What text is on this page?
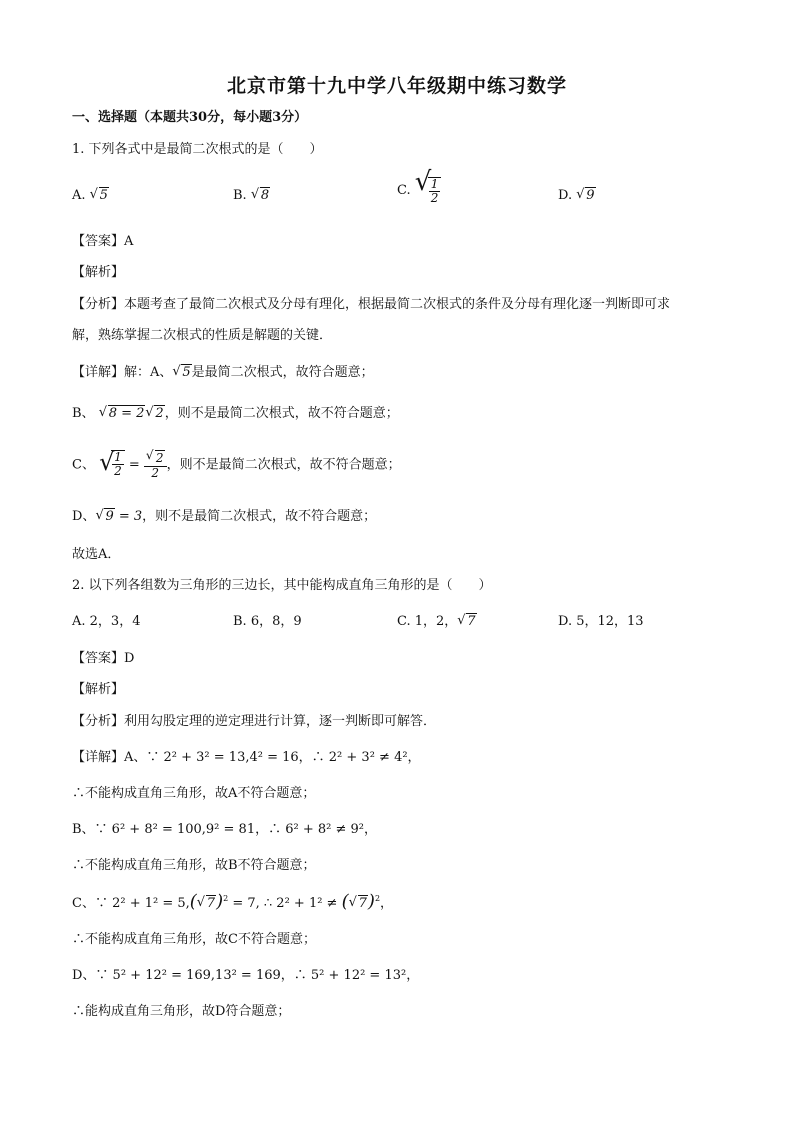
北京市第十九中学八年级期中练习数学
一、选择题（本题共30分，每小题3分）
1. 下列各式中是最简二次根式的是（　　）
A. √ 5	B. √ 8	C. √
$\frac{1}{2}$	D. √ 9
【答案】A
【解析】
【分析】本题考查了最简二次根式及分母有理化，根据最简二次根式的条件及分母有理化逐一判断即可求
解，熟练掌握二次根式的性质是解题的关键．
【详解】解：A、 √ 5是最简二次根式，故符合题意；
B、 √ 8 = 2 √ 2，则不是最简二次根式，故不符合题意；
C、 √
$\frac{1}{2} = \frac{√ 2}{2}$ ，则不是最简二次根式，故不符合题意；
D、 √ 9 = 3，则不是最简二次根式，故不符合题意；
故选A．
2. 以下列各组数为三角形的三边长，其中能构成直角三角形的是（　　）
A. 2，3，4	B. 6，8，9	C. 1，2， √ 7	D. 5，12，13
【答案】D
【解析】
【分析】利用勾股定理的逆定理进行计算，逐一判断即可解答．
【详解】A、∵ 2² + 3² = 13,4² = 16，∴ 2² + 3² ≠ 4²，
∴不能构成直角三角形，故A不符合题意；
B、∵ 6² + 8² = 100,9² = 81，∴ 6² + 8² ≠ 9²，
∴不能构成直角三角形，故B不符合题意；
C、∵ 2² + 1² = 5,( √ 7)$^2$ = 7, ∴ 2² + 1² ≠ ( √ 7)$^2$，
∴不能构成直角三角形，故C不符合题意；
D、∵ 5² + 12² = 169,13² = 169，∴ 5² + 12² = 13²，
∴能构成直角三角形，故D符合题意；
